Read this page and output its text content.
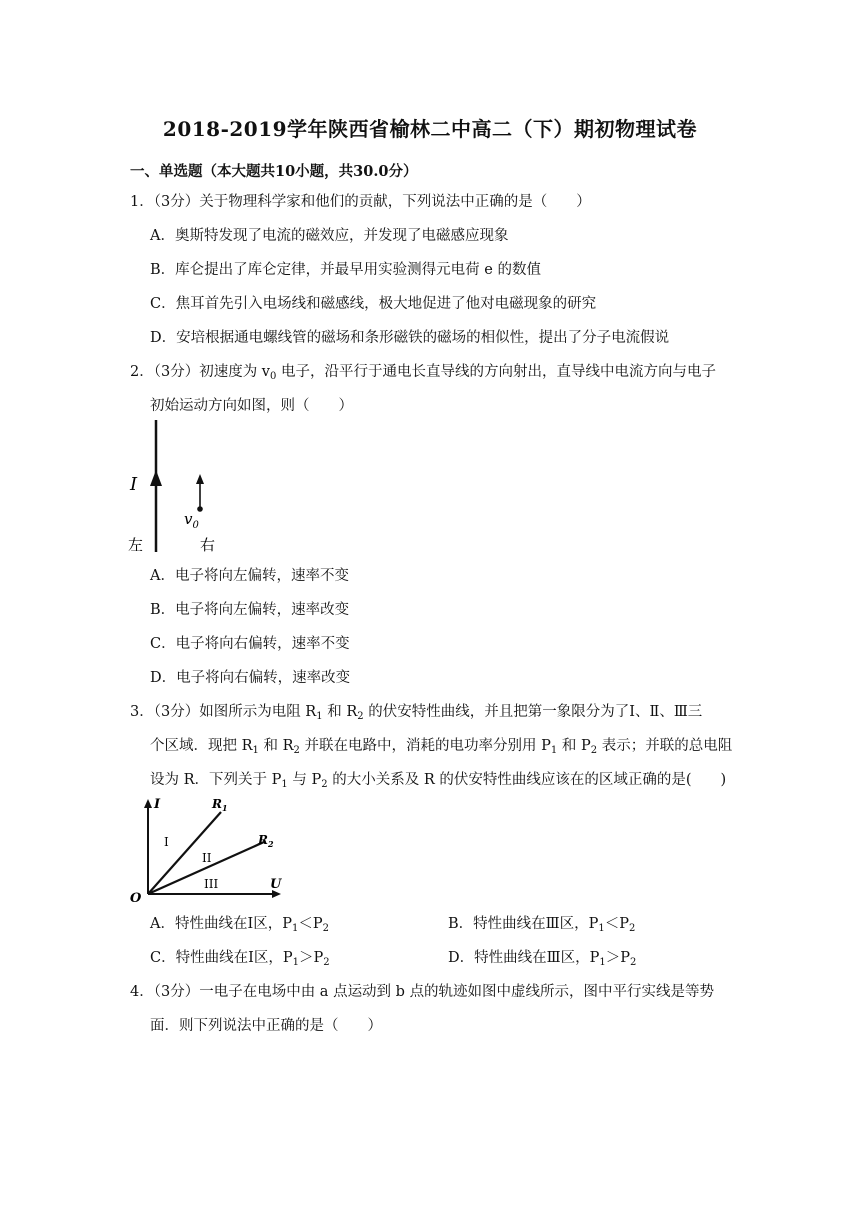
2018-2019学年陕西省榆林二中高二（下）期初物理试卷
一、单选题（本大题共10小题，共30.0分）
1．（3分）关于物理科学家和他们的贡献，下列说法中正确的是（　　）
A．奥斯特发现了电流的磁效应，并发现了电磁感应现象
B．库仑提出了库仑定律，并最早用实验测得元电荷 e 的数值
C．焦耳首先引入电场线和磁感线，极大地促进了他对电磁现象的研究
D．安培根据通电螺线管的磁场和条形磁铁的磁场的相似性，提出了分子电流假说
2．（3分）初速度为 $v_0$ 电子，沿平行于通电长直导线的方向射出，直导线中电流方向与电子
初始运动方向如图，则（　　）
I
$v_0$
左	右
A．电子将向左偏转，速率不变
B．电子将向左偏转，速率改变
C．电子将向右偏转，速率不变
D．电子将向右偏转，速率改变
3．（3分）如图所示为电阻 $R_1$ 和 $R_2$ 的伏安特性曲线，并且把第一象限分为了Ⅰ、Ⅱ、Ⅲ三
个区域．现把 $R_1$ 和 $R_2$ 并联在电路中，消耗的电功率分别用 $P_1$ 和 $P_2$ 表示；并联的总电阻
设为 R．下列关于 $P_1$ 与 $P_2$ 的大小关系及 R 的伏安特性曲线应该在的区域正确的是(　　)
I
U
O
$R_1$
$R_2$
I
II
III
A．特性曲线在Ⅰ区，$P_1<P_2$	B．特性曲线在Ⅲ区，$P_1<P_2$
C．特性曲线在Ⅰ区，$P_1>P_2$	D．特性曲线在Ⅲ区，$P_1>P_2$
4．（3分）一电子在电场中由 a 点运动到 b 点的轨迹如图中虚线所示，图中平行实线是等势
面．则下列说法中正确的是（　　）
